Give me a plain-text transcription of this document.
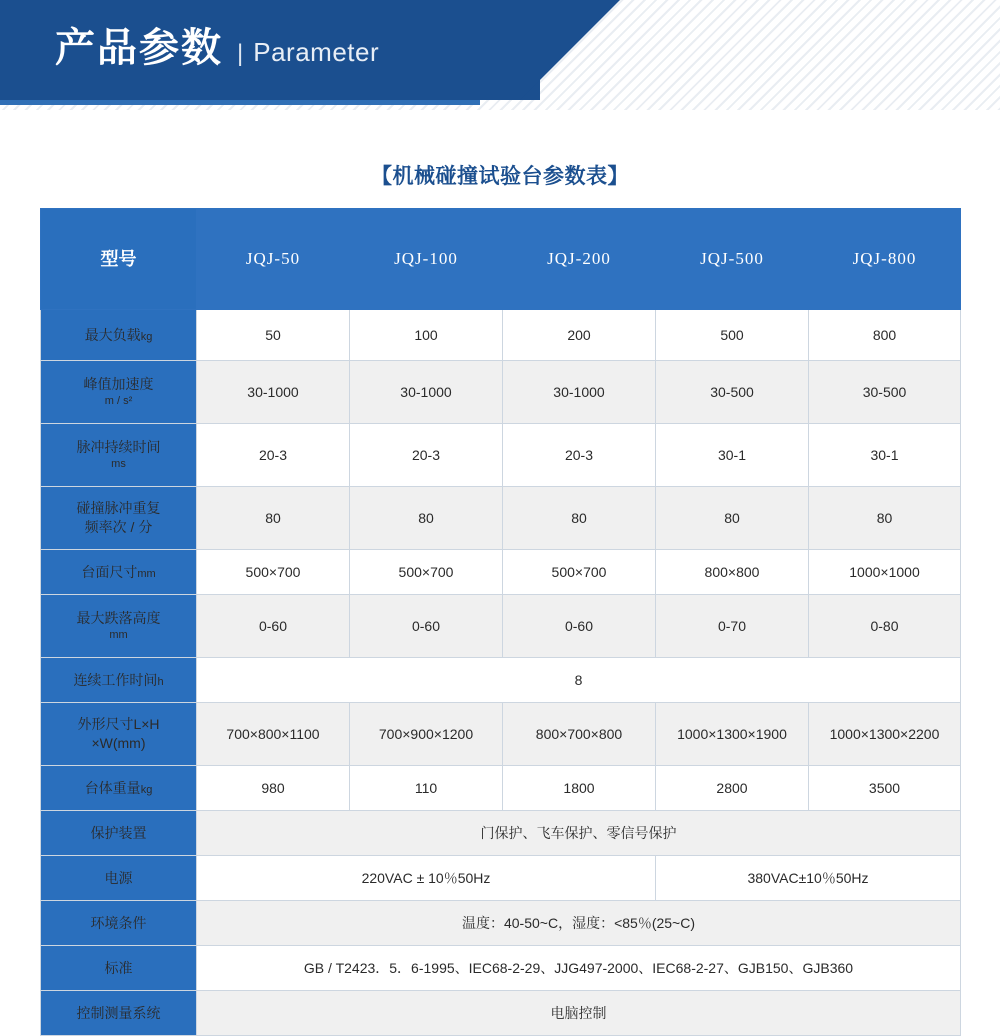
产品参数 | Parameter
【机械碰撞试验台参数表】
型号	JQJ-50	JQJ-100	JQJ-200	JQJ-500	JQJ-800
最大负载kg	50	100	200	500	800

峰值加速度
m / s²	30-1000	30-1000	30-1000	30-500	30-500

脉冲持续时间
ms	20-3	20-3	20-3	30-1	30-1

碰撞脉冲重复
频率次 / 分	80	80	80	80	80
台面尺寸mm	500×700	500×700	500×700	800×800	1000×1000

最大跌落高度
mm	0-60	0-60	0-60	0-70	0-80
连续工作时间h	8				

外形尺寸L×H
×W(mm)	700×800×1100	700×900×1200	800×700×800	1000×1300×1900	1000×1300×2200
台体重量kg	980	110	1800	2800	3500
保护装置	门保护、飞车保护、零信号保护				
电源	220VAC ± 10％50Hz			380VAC±10％50Hz	
环境条件	温度：40-50~C，湿度：<85％(25~C)				
标准	GB / T2423．5．6-1995、IEC68-2-29、JJG497-2000、IEC68-2-27、GJB150、GJB360				
控制测量系统	电脑控制				
